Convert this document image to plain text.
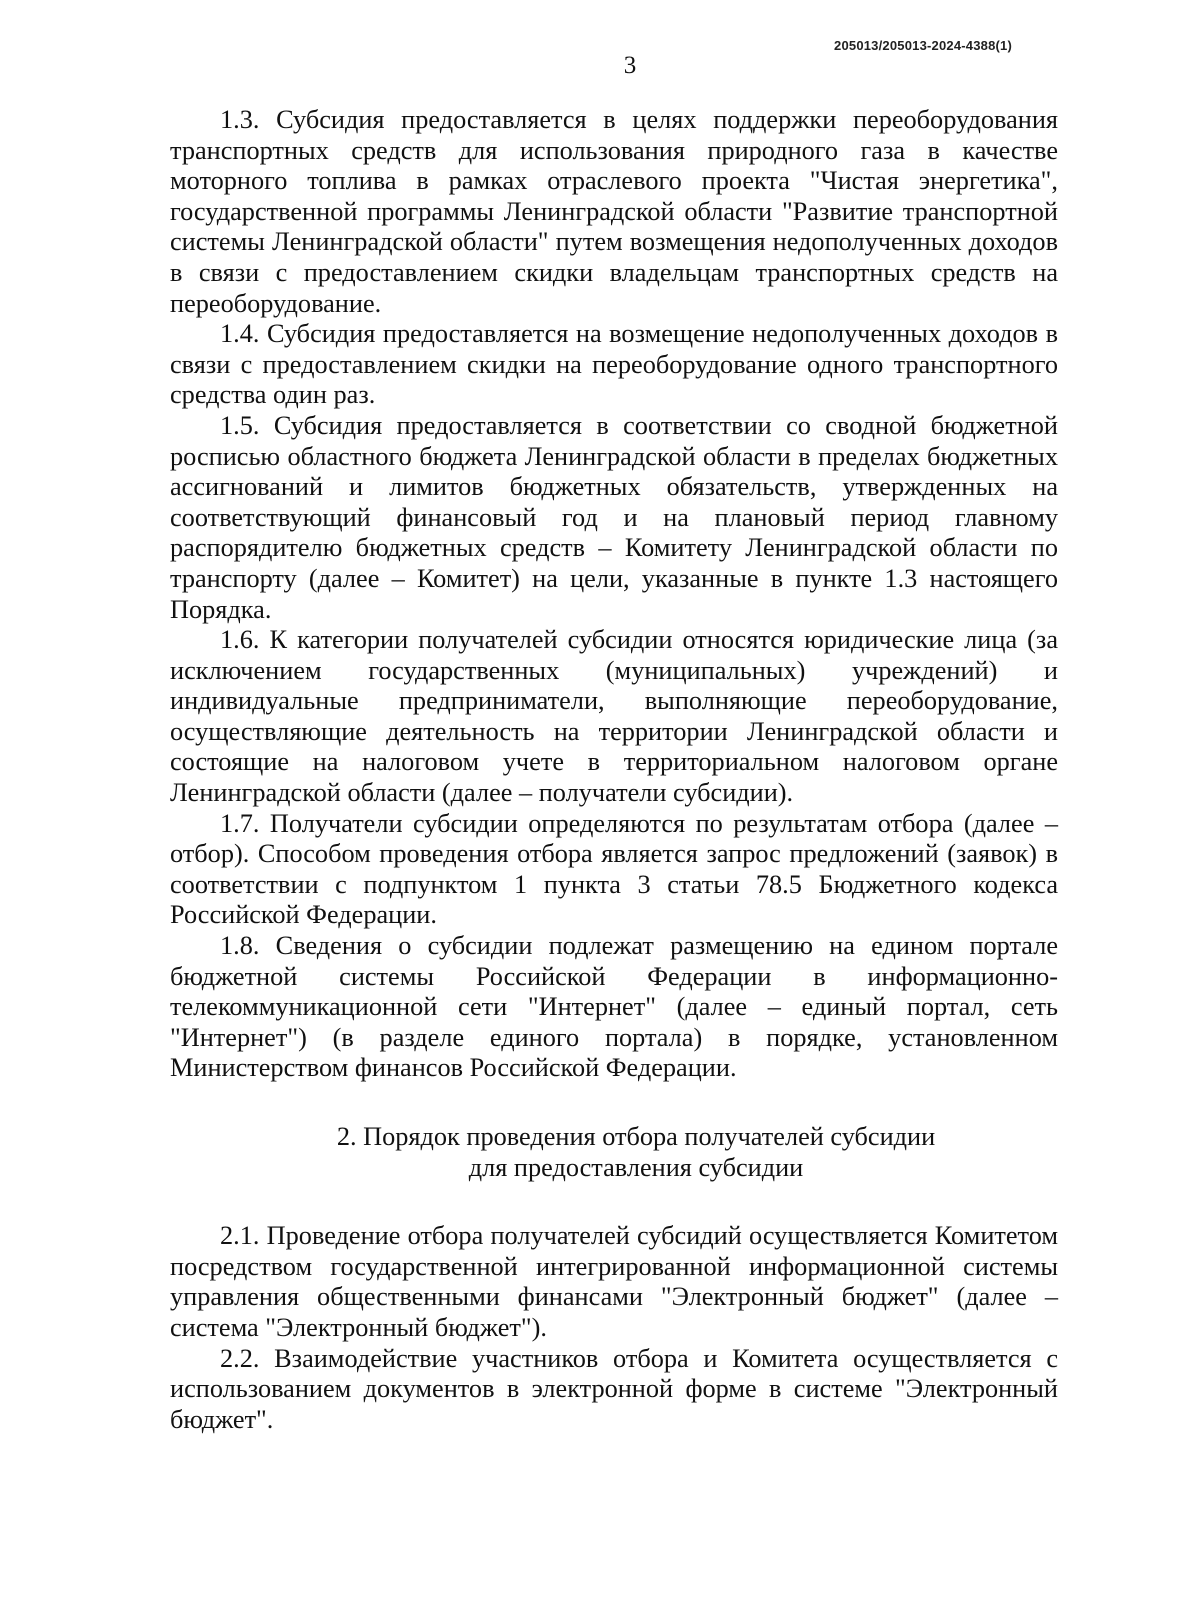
205013/205013-2024-4388(1)
3

1.3. Субсидия предоставляется в целях поддержки переоборудования транспортных средств для использования природного газа в качестве моторного топлива в рамках отраслевого проекта "Чистая энергетика", государственной программы Ленинградской области "Развитие транспортной системы Ленинградской области" путем возмещения недополученных доходов в связи с предоставлением скидки владельцам транспортных средств на переоборудование.

1.4. Субсидия предоставляется на возмещение недополученных доходов в связи с предоставлением скидки на переоборудование одного транспортного средства один раз.

1.5. Субсидия предоставляется в соответствии со сводной бюджетной росписью областного бюджета Ленинградской области в пределах бюджетных ассигнований и лимитов бюджетных обязательств, утвержденных на соответствующий финансовый год и на плановый период главному распорядителю бюджетных средств – Комитету Ленинградской области по транспорту (далее – Комитет) на цели, указанные в пункте 1.3 настоящего Порядка.

1.6. К категории получателей субсидии относятся юридические лица (за исключением государственных (муниципальных) учреждений) и индивидуальные предприниматели, выполняющие переоборудование, осуществляющие деятельность на территории Ленинградской области и состоящие на налоговом учете в территориальном налоговом органе Ленинградской области (далее – получатели субсидии).

1.7. Получатели субсидии определяются по результатам отбора (далее – отбор). Способом проведения отбора является запрос предложений (заявок) в соответствии с подпунктом 1 пункта 3 статьи 78.5 Бюджетного кодекса Российской Федерации.

1.8. Сведения о субсидии подлежат размещению на едином портале бюджетной системы Российской Федерации в информационно-телекоммуникационной сети "Интернет" (далее – единый портал, сеть "Интернет") (в разделе единого портала) в порядке, установленном Министерством финансов Российской Федерации.

2. Порядок проведения отбора получателей субсидии
для предоставления субсидии

2.1. Проведение отбора получателей субсидий осуществляется Комитетом посредством государственной интегрированной информационной системы управления общественными финансами "Электронный бюджет" (далее – система "Электронный бюджет").

2.2. Взаимодействие участников отбора и Комитета осуществляется с использованием документов в электронной форме в системе "Электронный бюджет".
